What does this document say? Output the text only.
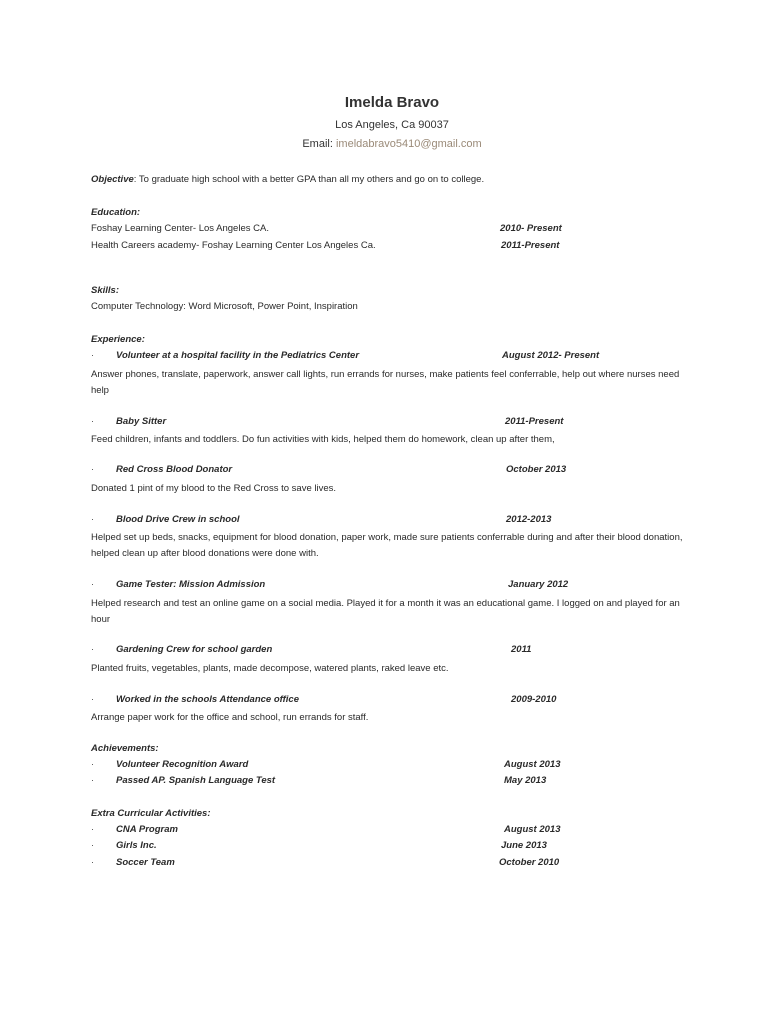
Imelda Bravo
Los Angeles, Ca 90037
Email: imeldabravo5410@gmail.com
Objective: To graduate high school with a better GPA than all my others and go on to college.
Education:
Foshay Learning Center- Los Angeles CA.	2010- Present
Health Careers academy- Foshay Learning Center Los Angeles Ca.	2011-Present
Skills:
Computer Technology: Word Microsoft, Power Point, Inspiration
Experience:
· Volunteer at a hospital facility in the Pediatrics Center	August 2012- Present
Answer phones, translate, paperwork, answer call lights, run errands for nurses, make patients feel conferrable, help out where nurses need help
· Baby Sitter	2011-Present
Feed children, infants and toddlers. Do fun activities with kids, helped them do homework, clean up after them,
· Red Cross Blood Donator	October 2013
Donated 1 pint of my blood to the Red Cross to save lives.
· Blood Drive Crew in school	2012-2013
Helped set up beds, snacks, equipment for blood donation, paper work, made sure patients conferrable during and after their blood donation, helped clean up after blood donations were done with.
· Game Tester: Mission Admission	January 2012
Helped research and test an online game on a social media. Played it for a month it was an educational game. I logged on and played for an hour
· Gardening Crew for school garden	2011
Planted fruits, vegetables, plants, made decompose, watered plants, raked leave etc.
· Worked in the schools Attendance office	2009-2010
Arrange paper work for the office and school, run errands for staff.
Achievements:
· Volunteer Recognition Award	August 2013
· Passed AP. Spanish Language Test	May 2013
Extra Curricular Activities:
· CNA Program	August 2013
· Girls Inc.	June 2013
· Soccer Team	October 2010
